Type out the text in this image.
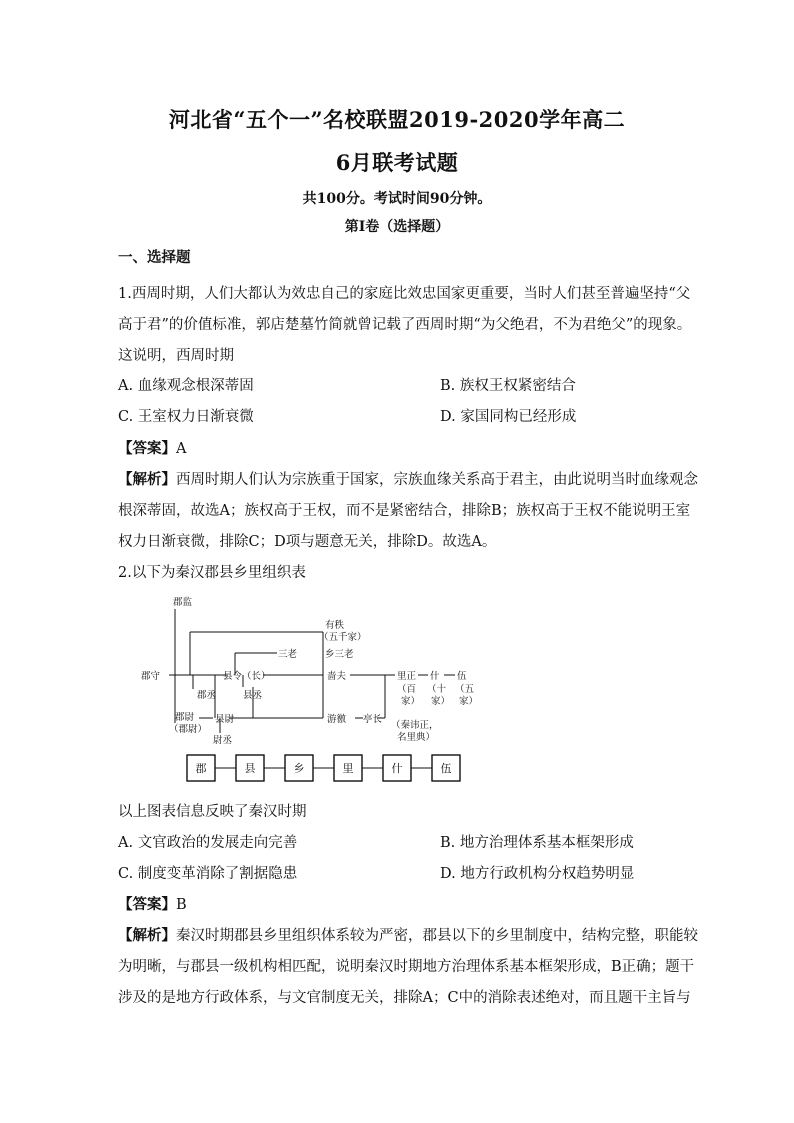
河北省“五个一”名校联盟2019-2020学年高二
6月联考试题
共100分。考试时间90分钟。
第Ⅰ卷（选择题）
一、选择题
1.西周时期，人们大都认为效忠自己的家庭比效忠国家更重要，当时人们甚至普遍坚持“父
高于君”的价值标准，郭店楚墓竹简就曾记载了西周时期“为父绝君，不为君绝父”的现象。
这说明，西周时期
A. 血缘观念根深蒂固	B. 族权王权紧密结合
C. 王室权力日渐衰微	D. 家国同构已经形成
【答案】A
【解析】西周时期人们认为宗族重于国家，宗族血缘关系高于君主，由此说明当时血缘观念
根深蒂固，故选A；族权高于王权，而不是紧密结合，排除B；族权高于王权不能说明王室
权力日渐衰微，排除C；D项与题意无关，排除D。故选A。
2.以下为秦汉郡县乡里组织表
郡监
郡守
郡丞
郡尉
（郡尉）
县令（长）
县丞
县尉
尉丞
三老
有秩
（五千家）
乡三老
啬夫
游徼 亭长
里正
（百
家）
（秦讳正，
名里典）
什
（十
家）
伍
（五
家）
郡	县	乡	里	什	伍
以上图表信息反映了秦汉时期
A. 文官政治的发展走向完善	B. 地方治理体系基本框架形成
C. 制度变革消除了割据隐患	D. 地方行政机构分权趋势明显
【答案】B
【解析】秦汉时期郡县乡里组织体系较为严密，郡县以下的乡里制度中，结构完整，职能较
为明晰，与郡县一级机构相匹配，说明秦汉时期地方治理体系基本框架形成，B正确；题干
涉及的是地方行政体系，与文官制度无关，排除A；C中的消除表述绝对，而且题干主旨与
